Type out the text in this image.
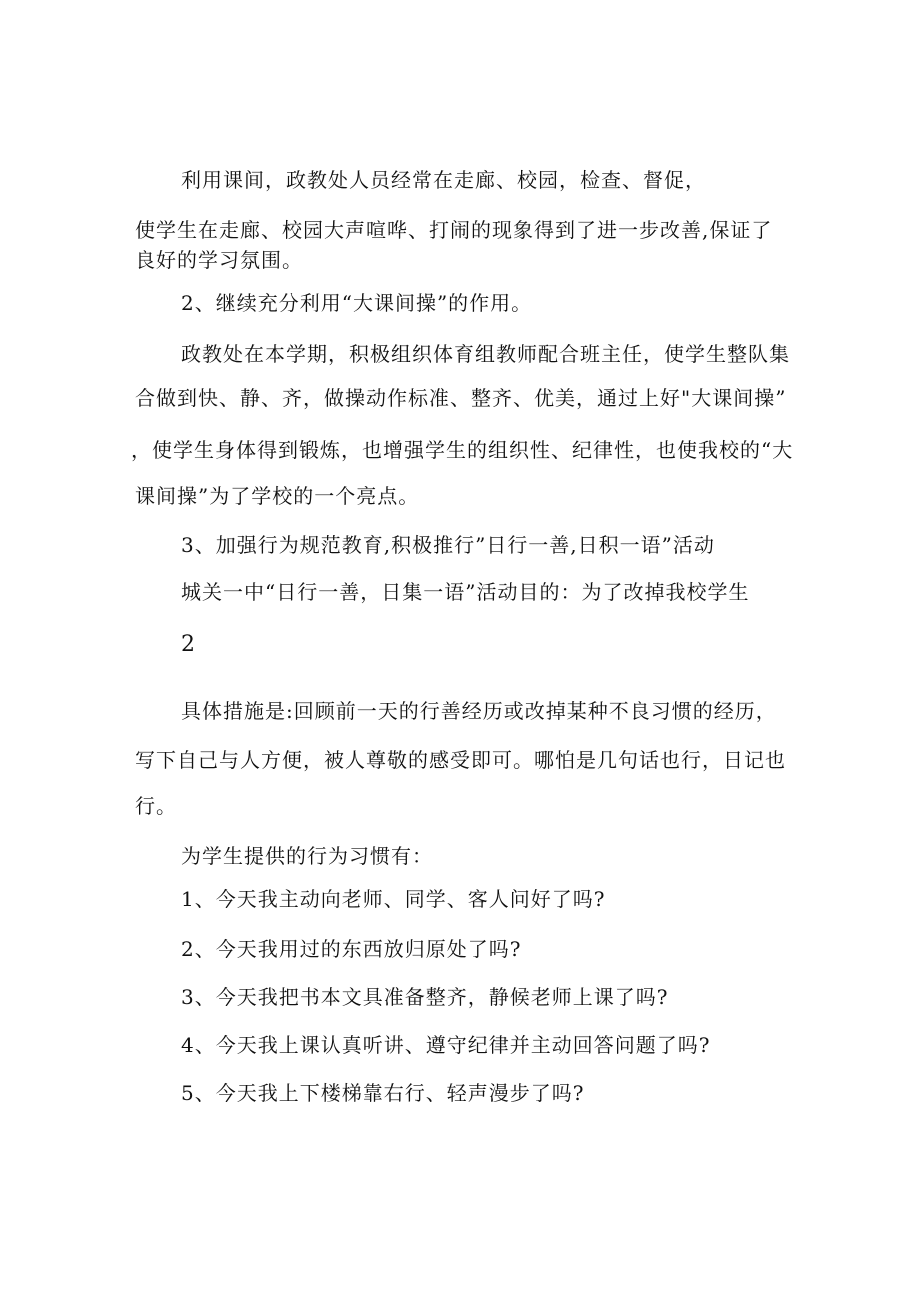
利用课间，政教处人员经常在走廊、校园，检查、督促，
使学生在走廊、校园大声喧哗、打闹的现象得到了进一步改善,保证了
良好的学习氛围。
2、继续充分利用“大课间操”的作用。
政教处在本学期，积极组织体育组教师配合班主任，使学生整队集
合做到快、静、齐，做操动作标准、整齐、优美，通过上好"大课间操”
，使学生身体得到锻炼，也增强学生的组织性、纪律性，也使我校的“大
课间操”为了学校的一个亮点。
3、加强行为规范教育,积极推行”日行一善,日积一语”活动
城关一中“日行一善，日集一语”活动目的：为了改掉我校学生
2
具体措施是:回顾前一天的行善经历或改掉某种不良习惯的经历，
写下自己与人方便，被人尊敬的感受即可。哪怕是几句话也行，日记也
行。
为学生提供的行为习惯有：
1、今天我主动向老师、同学、客人问好了吗?
2、今天我用过的东西放归原处了吗?
3、今天我把书本文具准备整齐，静候老师上课了吗?
4、今天我上课认真听讲、遵守纪律并主动回答问题了吗?
5、今天我上下楼梯靠右行、轻声漫步了吗?
